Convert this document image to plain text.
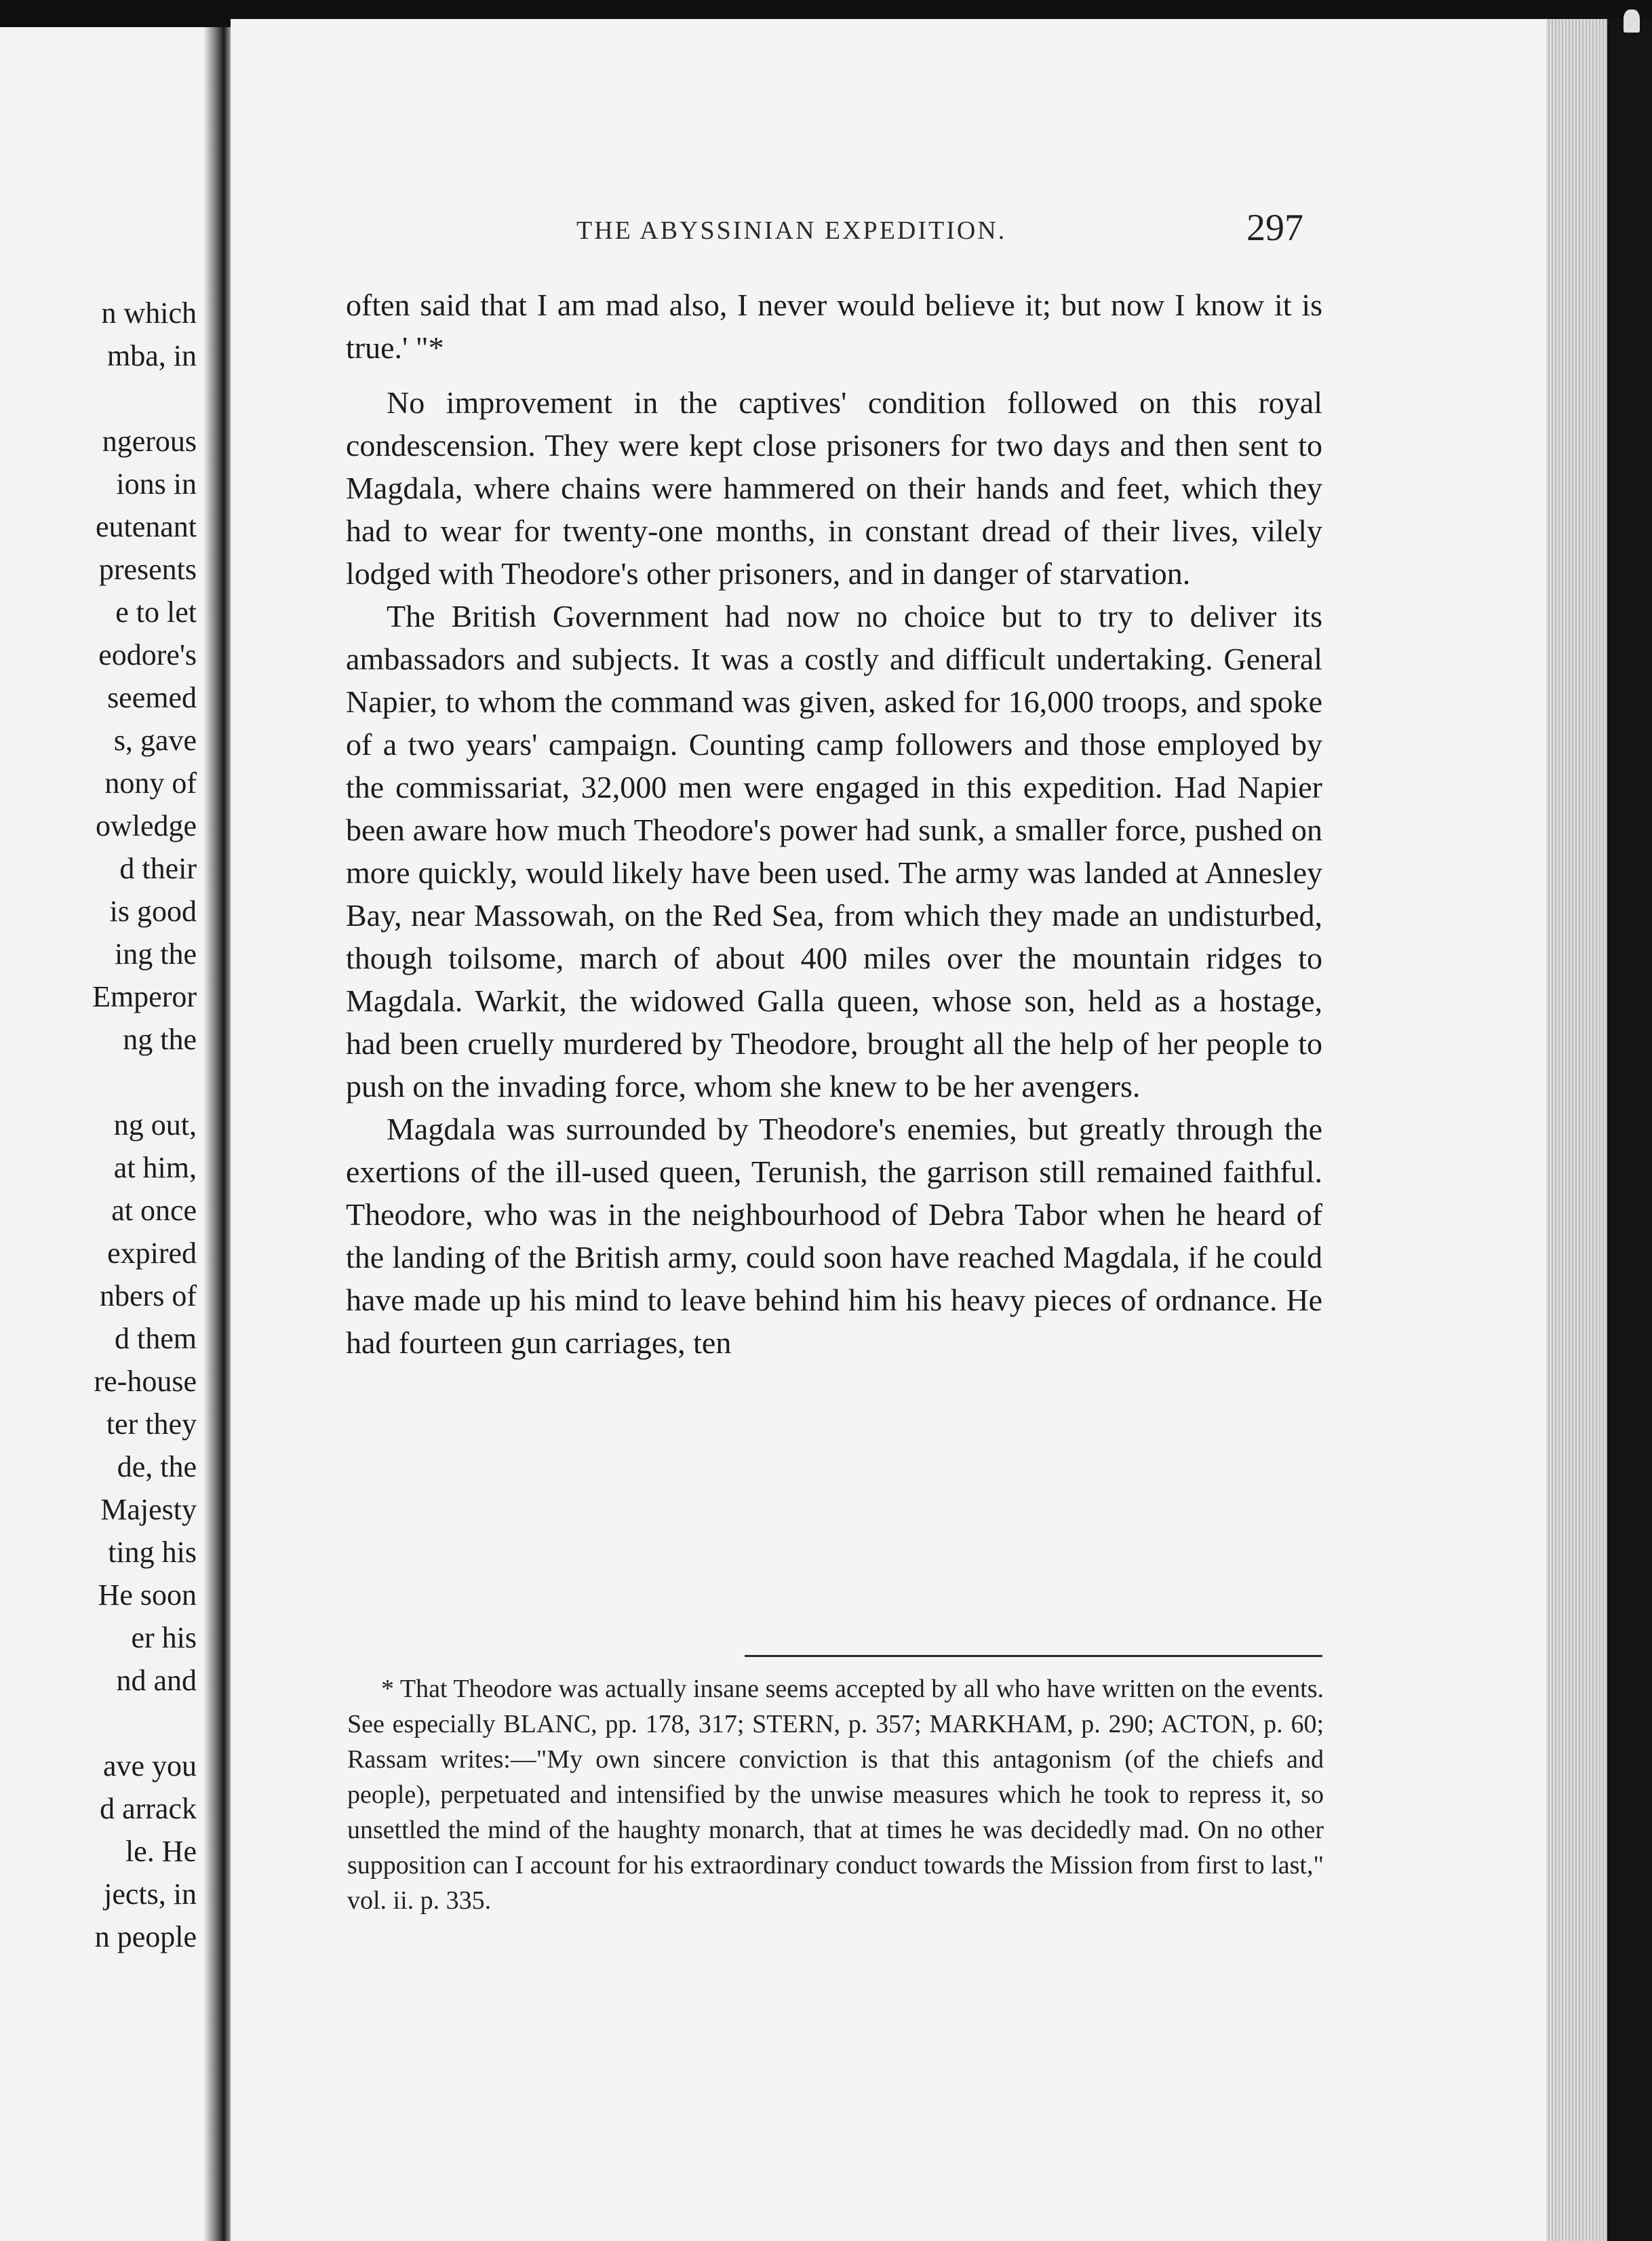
n which
mba, in
ngerous
ions in
eutenant
presents
e to let
eodore's
seemed
s, gave
nony of
owledge
d their
is good
ing the
Emperor
ng the
ng out,
at him,
at once
expired
nbers of
d them
re-house
ter they
de, the
Majesty
ting his
He soon
er his
nd and
ave you
d arrack
le. He
jects, in
n people
THE ABYSSINIAN EXPEDITION.	297

often said that I am mad also, I never would believe it; but now I know it is true.' "*

No improvement in the captives' condition followed on this royal condescension. They were kept close prisoners for two days and then sent to Magdala, where chains were hammered on their hands and feet, which they had to wear for twenty-one months, in constant dread of their lives, vilely lodged with Theodore's other prisoners, and in danger of starvation.

The British Government had now no choice but to try to deliver its ambassadors and subjects. It was a costly and difficult undertaking. General Napier, to whom the command was given, asked for 16,000 troops, and spoke of a two years' campaign. Counting camp followers and those employed by the commissariat, 32,000 men were engaged in this expedition. Had Napier been aware how much Theodore's power had sunk, a smaller force, pushed on more quickly, would likely have been used. The army was landed at Annesley Bay, near Massowah, on the Red Sea, from which they made an undisturbed, though toilsome, march of about 400 miles over the mountain ridges to Magdala. Warkit, the widowed Galla queen, whose son, held as a hostage, had been cruelly murdered by Theodore, brought all the help of her people to push on the invading force, whom she knew to be her avengers.

Magdala was surrounded by Theodore's enemies, but greatly through the exertions of the ill-used queen, Terunish, the garrison still remained faithful. Theodore, who was in the neighbourhood of Debra Tabor when he heard of the landing of the British army, could soon have reached Magdala, if he could have made up his mind to leave behind him his heavy pieces of ordnance. He had fourteen gun carriages, ten

* That Theodore was actually insane seems accepted by all who have written on the events. See especially BLANC, pp. 178, 317; STERN, p. 357; MARKHAM, p. 290; ACTON, p. 60; Rassam writes:—"My own sincere conviction is that this antagonism (of the chiefs and people), perpetuated and intensified by the unwise measures which he took to repress it, so unsettled the mind of the haughty monarch, that at times he was decidedly mad. On no other supposition can I account for his extraordinary conduct towards the Mission from first to last," vol. ii. p. 335.
